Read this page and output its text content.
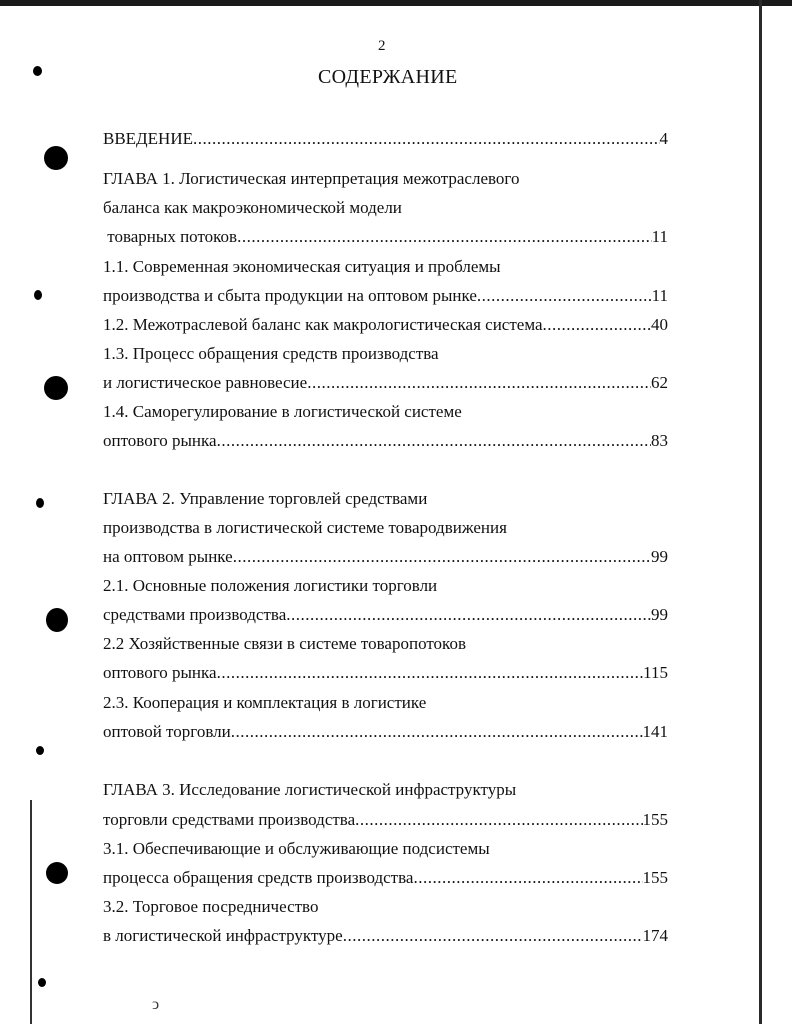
ↄ
2
СОДЕРЖАНИЕ
ВВЕДЕНИЕ .....	4
ГЛАВА 1. Логистическая интерпретация межотраслевого
баланса как макроэкономической модели
товарных потоков .....	11
1.1. Современная экономическая ситуация и проблемы
производства и сбыта продукции на оптовом рынке .....	11
1.2. Межотраслевой баланс как макрологистическая система .....	40
1.3. Процесс обращения средств производства
и логистическое равновесие .....	62
1.4. Саморегулирование в логистической системе
оптового рынка .....	83
ГЛАВА 2. Управление торговлей средствами
производства в логистической системе товародвижения
на оптовом рынке .....	99
2.1. Основные положения логистики торговли
средствами производства .....	99
2.2 Хозяйственные связи в системе товаропотоков
оптового рынка .....	115
2.3. Кооперация и комплектация в логистике
оптовой торговли .....	141
ГЛАВА 3. Исследование логистической инфраструктуры
торговли средствами производства .....	155
3.1. Обеспечивающие и обслуживающие подсистемы
процесса обращения средств производства .....	155
3.2. Торговое посредничество
в логистической инфраструктуре .....	174
